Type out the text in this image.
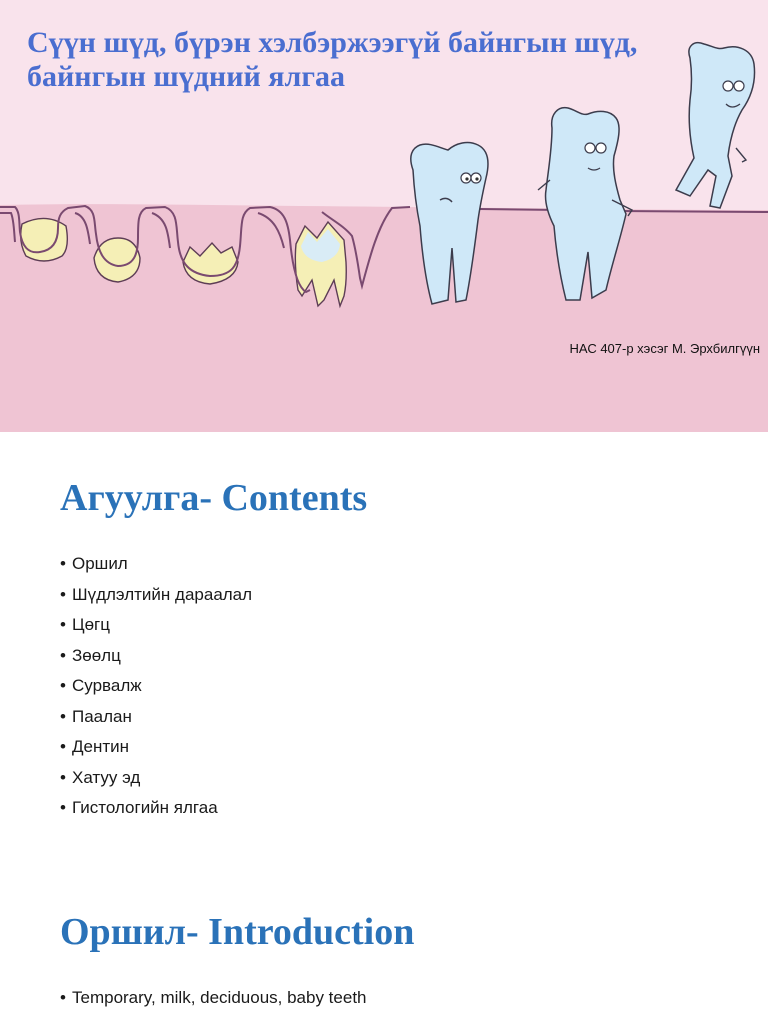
Сүүн шүд, бүрэн хэлбэржээгүй байнгын шүд, байнгын шүдний ялгаа
НАС 407-р хэсэг М. Эрхбилгүүн
Агуулга- Contents
• Оршил
• Шүдлэлтийн дараалал
• Цөгц
• Зөөлц
• Сурвалж
• Паалан
• Дентин
• Хатуу эд
• Гистологийн ялгаа
Оршил- Introduction
• Temporary, milk, deciduous, baby teeth
